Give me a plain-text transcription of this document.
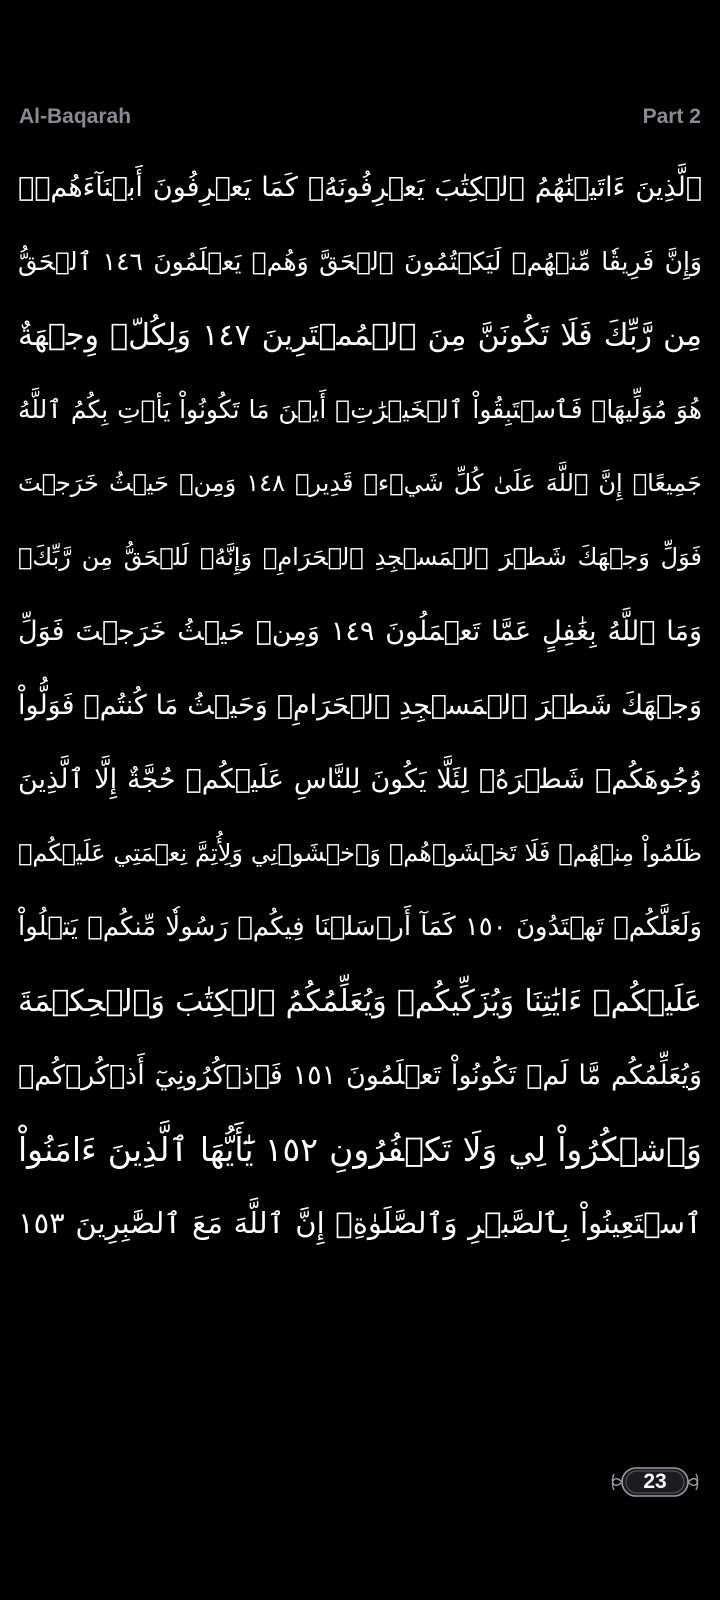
Al-Baqarah	Part 2
ٱلَّذِينَ ءَاتَيۡنَٰهُمُ ٱلۡكِتَٰبَ يَعۡرِفُونَهُۥ كَمَا يَعۡرِفُونَ أَبۡنَآءَهُمۡۖ
وَإِنَّ فَرِيقٗا مِّنۡهُمۡ لَيَكۡتُمُونَ ٱلۡحَقَّ وَهُمۡ يَعۡلَمُونَ ١٤٦ ٱلۡحَقُّ
مِن رَّبِّكَ فَلَا تَكُونَنَّ مِنَ ٱلۡمُمۡتَرِينَ ١٤٧ وَلِكُلّٖ وِجۡهَةٌ
هُوَ مُوَلِّيهَاۖ فَٱسۡتَبِقُواْ ٱلۡخَيۡرَٰتِۚ أَيۡنَ مَا تَكُونُواْ يَأۡتِ بِكُمُ ٱللَّهُ
جَمِيعًاۚ إِنَّ ٱللَّهَ عَلَىٰ كُلِّ شَيۡءٖ قَدِيرٞ ١٤٨ وَمِنۡ حَيۡثُ خَرَجۡتَ
فَوَلِّ وَجۡهَكَ شَطۡرَ ٱلۡمَسۡجِدِ ٱلۡحَرَامِۖ وَإِنَّهُۥ لَلۡحَقُّ مِن رَّبِّكَۗ
وَمَا ٱللَّهُ بِغَٰفِلٍ عَمَّا تَعۡمَلُونَ ١٤٩ وَمِنۡ حَيۡثُ خَرَجۡتَ فَوَلِّ
وَجۡهَكَ شَطۡرَ ٱلۡمَسۡجِدِ ٱلۡحَرَامِۚ وَحَيۡثُ مَا كُنتُمۡ فَوَلُّواْ
وُجُوهَكُمۡ شَطۡرَهُۥ لِئَلَّا يَكُونَ لِلنَّاسِ عَلَيۡكُمۡ حُجَّةٌ إِلَّا ٱلَّذِينَ
ظَلَمُواْ مِنۡهُمۡ فَلَا تَخۡشَوۡهُمۡ وَٱخۡشَوۡنِي وَلِأُتِمَّ نِعۡمَتِي عَلَيۡكُمۡ
وَلَعَلَّكُمۡ تَهۡتَدُونَ ١٥٠ كَمَآ أَرۡسَلۡنَا فِيكُمۡ رَسُولٗا مِّنكُمۡ يَتۡلُواْ
عَلَيۡكُمۡ ءَايَٰتِنَا وَيُزَكِّيكُمۡ وَيُعَلِّمُكُمُ ٱلۡكِتَٰبَ وَٱلۡحِكۡمَةَ
وَيُعَلِّمُكُم مَّا لَمۡ تَكُونُواْ تَعۡلَمُونَ ١٥١ فَٱذۡكُرُونِيٓ أَذۡكُرۡكُمۡ
وَٱشۡكُرُواْ لِي وَلَا تَكۡفُرُونِ ١٥٢ يَٰٓأَيُّهَا ٱلَّذِينَ ءَامَنُواْ
ٱسۡتَعِينُواْ بِٱلصَّبۡرِ وَٱلصَّلَوٰةِۚ إِنَّ ٱللَّهَ مَعَ ٱلصَّٰبِرِينَ ١٥٣
23
